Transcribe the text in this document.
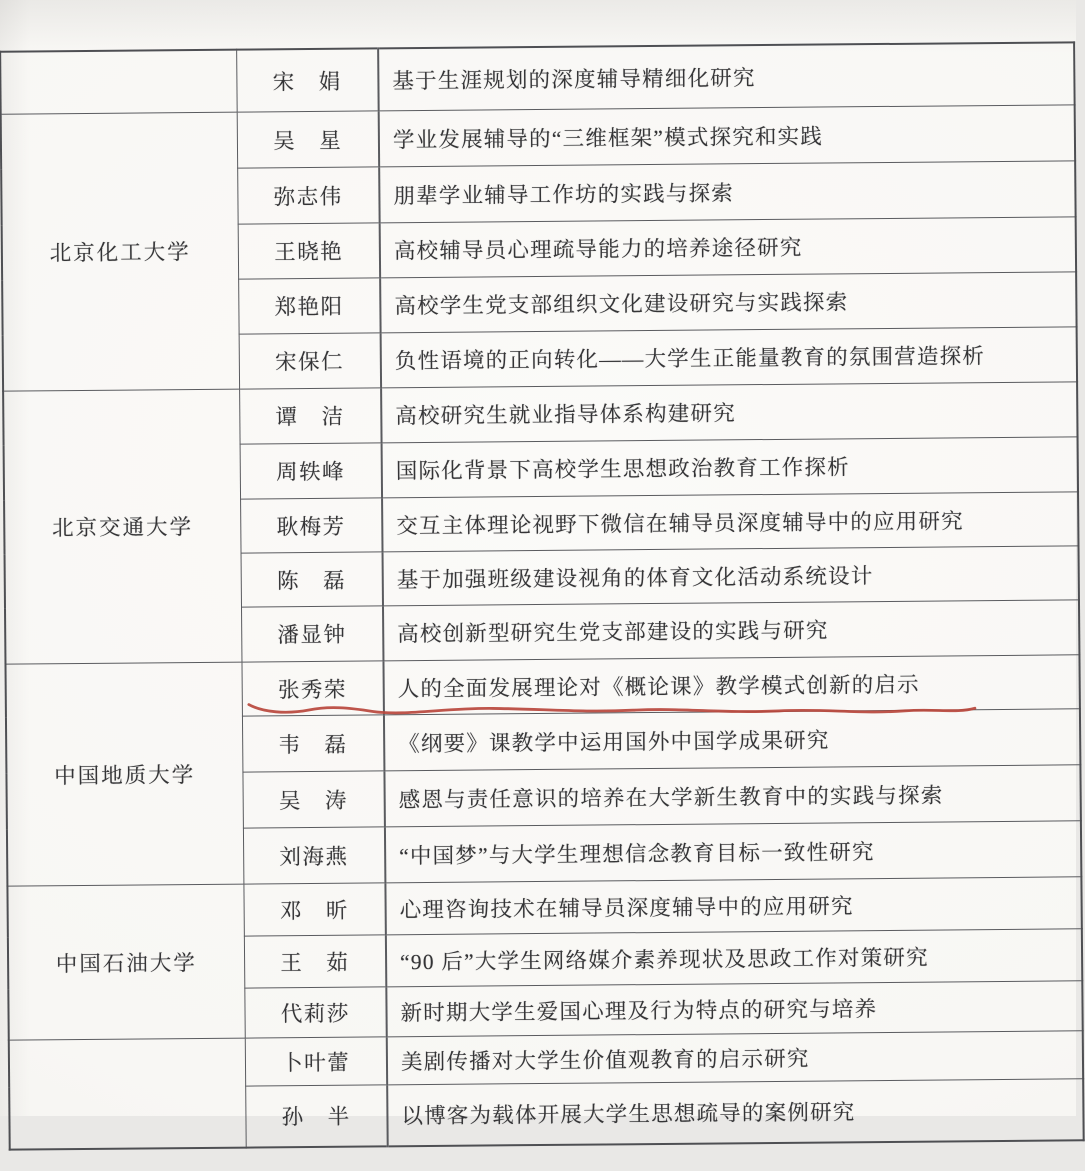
	宋　娟	基于生涯规划的深度辅导精细化研究
北京化工大学	吴　星	学业发展辅导的“三维框架”模式探究和实践
	弥志伟	朋辈学业辅导工作坊的实践与探索
	王晓艳	高校辅导员心理疏导能力的培养途径研究
	郑艳阳	高校学生党支部组织文化建设研究与实践探索
	宋保仁	负性语境的正向转化——大学生正能量教育的氛围营造探析
北京交通大学	谭　洁	高校研究生就业指导体系构建研究
	周轶峰	国际化背景下高校学生思想政治教育工作探析
	耿梅芳	交互主体理论视野下微信在辅导员深度辅导中的应用研究
	陈　磊	基于加强班级建设视角的体育文化活动系统设计
	潘显钟	高校创新型研究生党支部建设的实践与研究
中国地质大学	张秀荣	人的全面发展理论对《概论课》教学模式创新的启示
	韦　磊	《纲要》课教学中运用国外中国学成果研究
	吴　涛	感恩与责任意识的培养在大学新生教育中的实践与探索
	刘海燕	“中国梦”与大学生理想信念教育目标一致性研究
中国石油大学	邓　昕	心理咨询技术在辅导员深度辅导中的应用研究
	王　茹	“90 后”大学生网络媒介素养现状及思政工作对策研究
	代莉莎	新时期大学生爱国心理及行为特点的研究与培养
	卜叶蕾	美剧传播对大学生价值观教育的启示研究
	孙　半	以博客为载体开展大学生思想疏导的案例研究
